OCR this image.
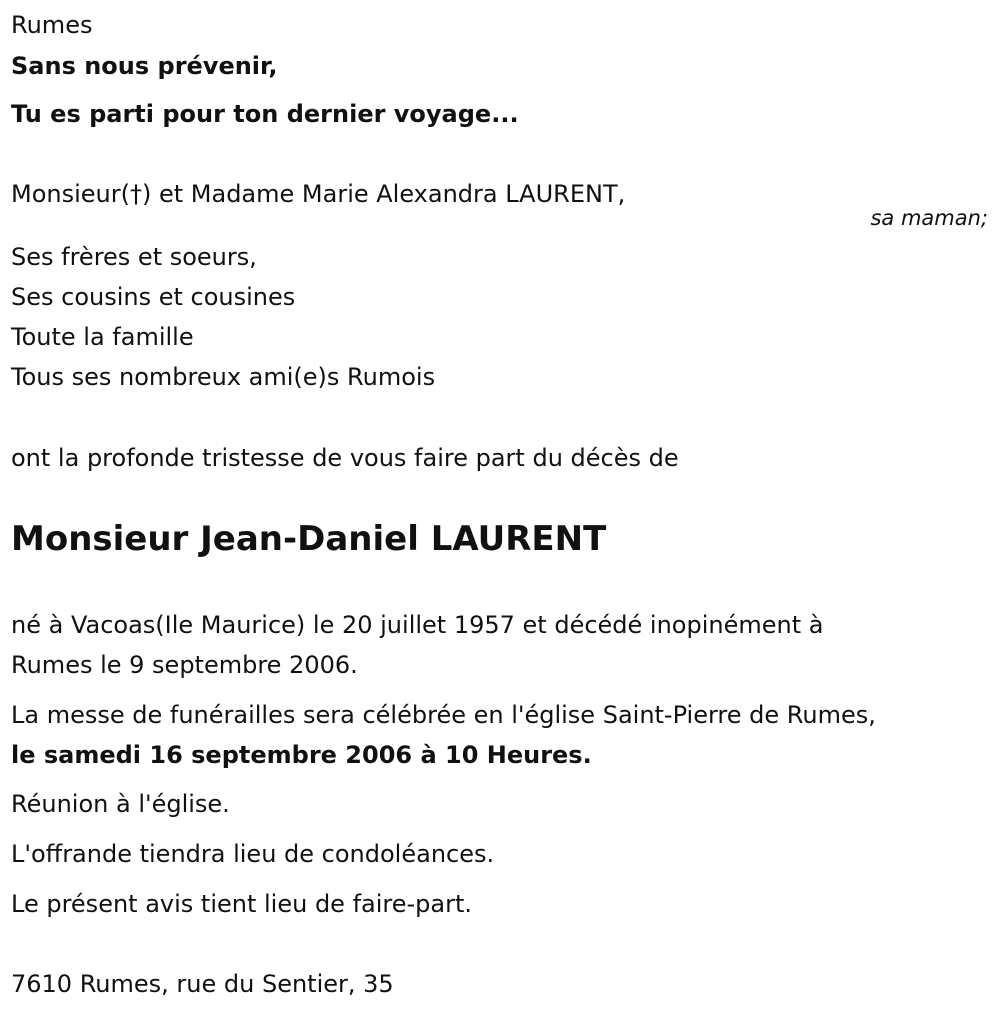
Rumes
Sans nous prévenir,
Tu es parti pour ton dernier voyage...
Monsieur(†) et Madame Marie Alexandra LAURENT,
sa maman;
Ses frères et soeurs,
Ses cousins et cousines
Toute la famille
Tous ses nombreux ami(e)s Rumois
ont la profonde tristesse de vous faire part du décès de
Monsieur Jean-Daniel LAURENT
né à Vacoas(Ile Maurice) le 20 juillet 1957 et décédé inopinément à
Rumes le 9 septembre 2006.
La messe de funérailles sera célébrée en l'église Saint-Pierre de Rumes,
le samedi 16 septembre 2006 à 10 Heures.
Réunion à l'église.
L'offrande tiendra lieu de condoléances.
Le présent avis tient lieu de faire-part.
7610 Rumes, rue du Sentier, 35
